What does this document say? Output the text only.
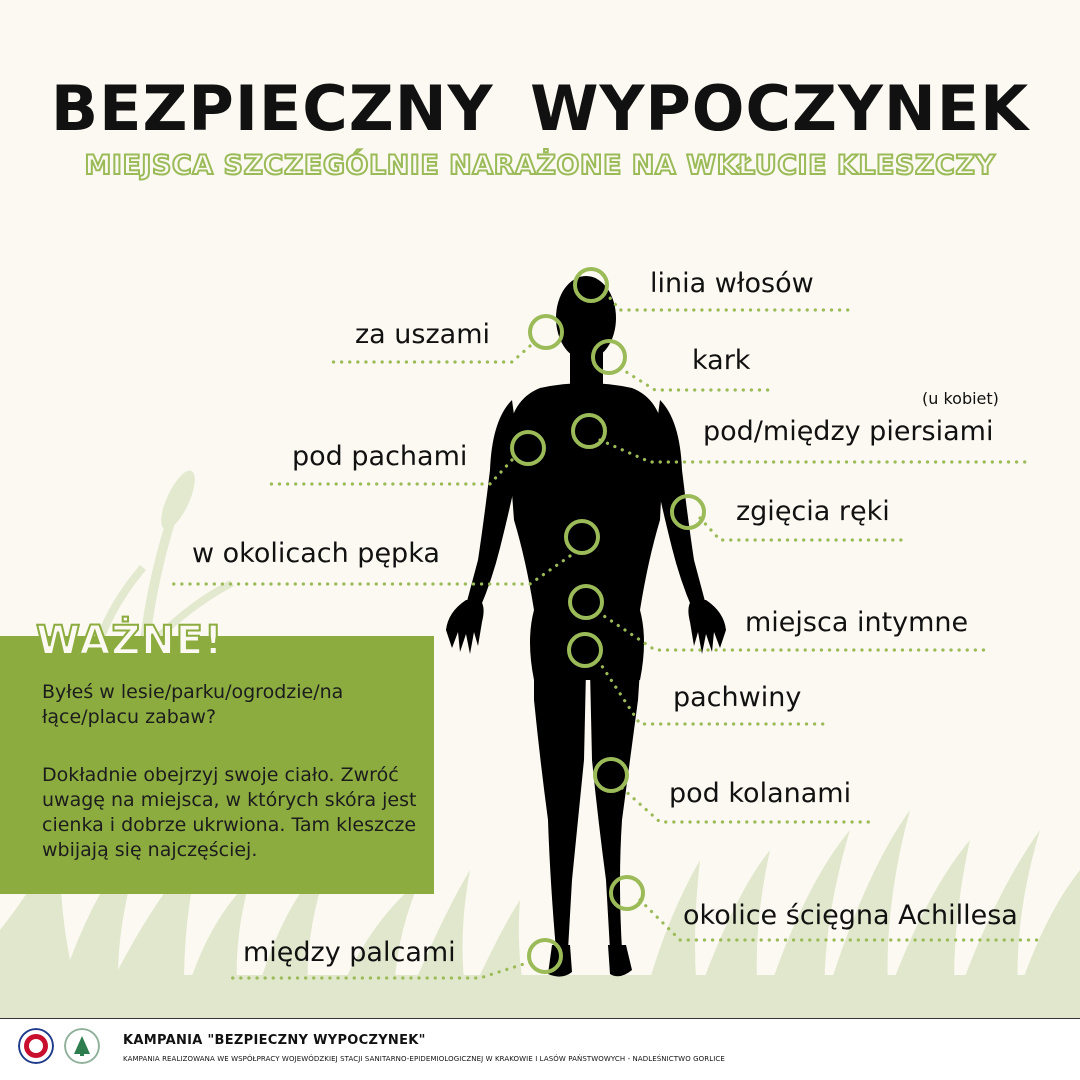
BEZPIECZNY WYPOCZYNEK
MIEJSCA SZCZEGÓLNIE NARAŻONE NA WKŁUCIE KLESZCZY
linia włosów
za uszami
kark
(u kobiet)
pod/między piersiami
pod pachami
zgięcia ręki
w okolicach pępka
miejsca intymne
pachwiny
pod kolanami
okolice ścięgna Achillesa
między palcami
WAŻNE!
Byłeś w lesie/parku/ogrodzie/na łące/placu zabaw?
Dokładnie obejrzyj swoje ciało. Zwróć uwagę na miejsca, w których skóra jest cienka i dobrze ukrwiona. Tam kleszcze wbijają się najczęściej.
KAMPANIA "BEZPIECZNY WYPOCZYNEK"
KAMPANIA REALIZOWANA WE WSPÓŁPRACY WOJEWÓDZKIEJ STACJI SANITARNO-EPIDEMIOLOGICZNEJ W KRAKOWIE I LASÓW PAŃSTWOWYCH - NADLEŚNICTWO GORLICE
